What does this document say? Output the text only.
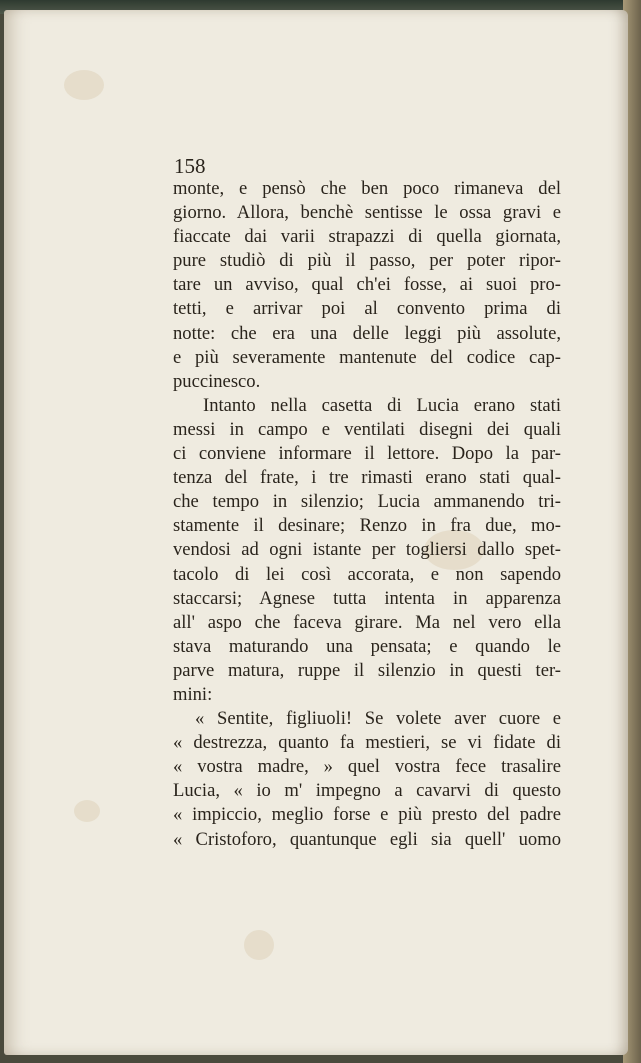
158

monte, e pensò che ben poco rimaneva del
giorno. Allora, benchè sentisse le ossa gravi e
fiaccate dai varii strapazzi di quella giornata,
pure studiò di più il passo, per poter ripor-
tare un avviso, qual ch'ei fosse, ai suoi pro-
tetti, e arrivar poi al convento prima di
notte: che era una delle leggi più assolute,
e più severamente mantenute del codice cap-
puccinesco.
Intanto nella casetta di Lucia erano stati
messi in campo e ventilati disegni dei quali
ci conviene informare il lettore. Dopo la par-
tenza del frate, i tre rimasti erano stati qual-
che tempo in silenzio; Lucia ammanendo tri-
stamente il desinare; Renzo in fra due, mo-
vendosi ad ogni istante per togliersi dallo spet-
tacolo di lei così accorata, e non sapendo
staccarsi; Agnese tutta intenta in apparenza
all' aspo che faceva girare. Ma nel vero ella
stava maturando una pensata; e quando le
parve matura, ruppe il silenzio in questi ter-
mini:
« Sentite, figliuoli! Se volete aver cuore e
« destrezza, quanto fa mestieri, se vi fidate di
« vostra madre, » quel vostra fece trasalire
Lucia, « io m' impegno a cavarvi di questo
« impiccio, meglio forse e più presto del padre
« Cristoforo, quantunque egli sia quell' uomo
